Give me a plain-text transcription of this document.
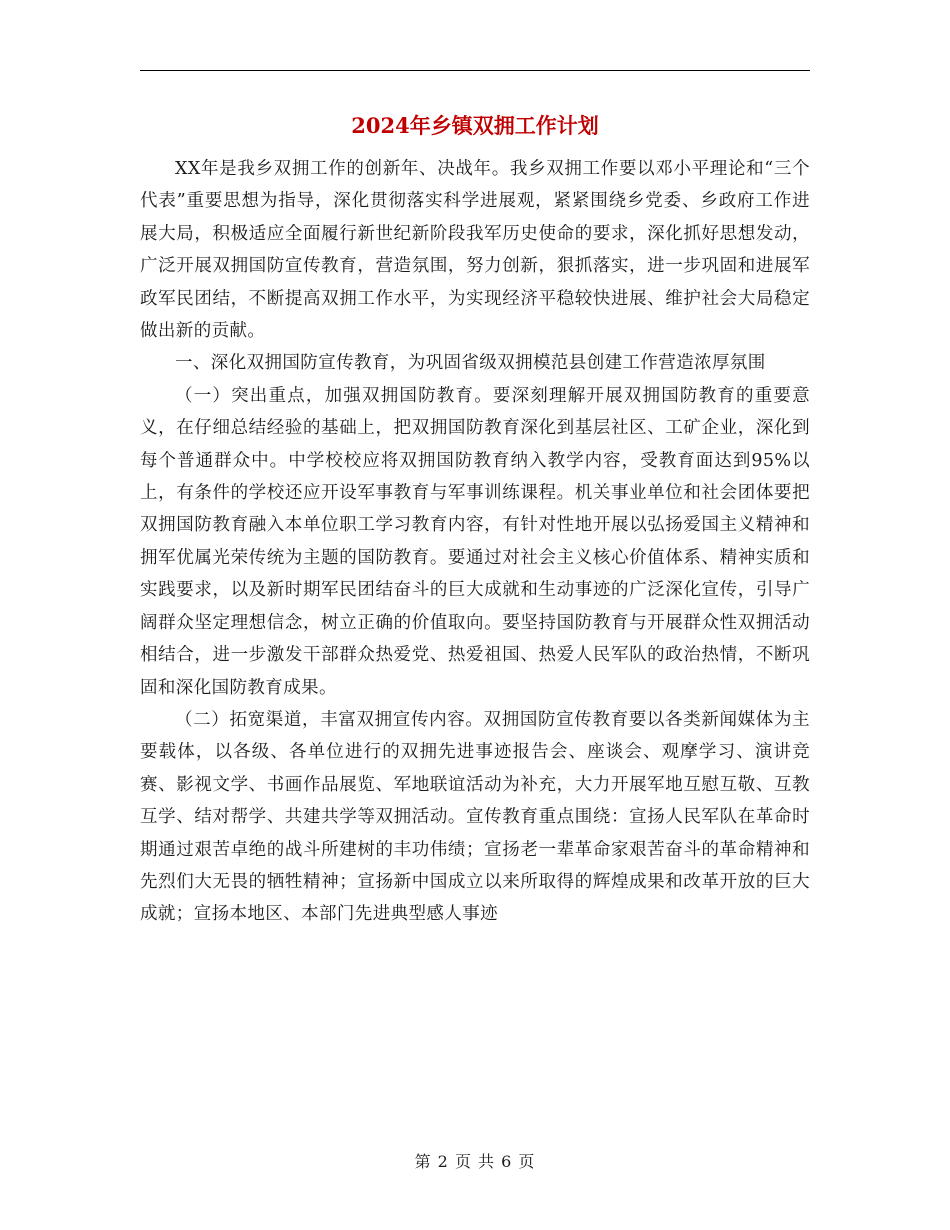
2024年乡镇双拥工作计划

XX年是我乡双拥工作的创新年、决战年。我乡双拥工作要以邓小平理论和“三个代表”重要思想为指导，深化贯彻落实科学进展观，紧紧围绕乡党委、乡政府工作进展大局，积极适应全面履行新世纪新阶段我军历史使命的要求，深化抓好思想发动，广泛开展双拥国防宣传教育，营造氛围，努力创新，狠抓落实，进一步巩固和进展军政军民团结，不断提高双拥工作水平，为实现经济平稳较快进展、维护社会大局稳定做出新的贡献。

一、深化双拥国防宣传教育，为巩固省级双拥模范县创建工作营造浓厚氛围

（一）突出重点，加强双拥国防教育。要深刻理解开展双拥国防教育的重要意义，在仔细总结经验的基础上，把双拥国防教育深化到基层社区、工矿企业，深化到每个普通群众中。中学校校应将双拥国防教育纳入教学内容，受教育面达到95%以上，有条件的学校还应开设军事教育与军事训练课程。机关事业单位和社会团体要把双拥国防教育融入本单位职工学习教育内容，有针对性地开展以弘扬爱国主义精神和拥军优属光荣传统为主题的国防教育。要通过对社会主义核心价值体系、精神实质和实践要求，以及新时期军民团结奋斗的巨大成就和生动事迹的广泛深化宣传，引导广阔群众坚定理想信念，树立正确的价值取向。要坚持国防教育与开展群众性双拥活动相结合，进一步激发干部群众热爱党、热爱祖国、热爱人民军队的政治热情，不断巩固和深化国防教育成果。

（二）拓宽渠道，丰富双拥宣传内容。双拥国防宣传教育要以各类新闻媒体为主要载体，以各级、各单位进行的双拥先进事迹报告会、座谈会、观摩学习、演讲竞赛、影视文学、书画作品展览、军地联谊活动为补充，大力开展军地互慰互敬、互教互学、结对帮学、共建共学等双拥活动。宣传教育重点围绕：宣扬人民军队在革命时期通过艰苦卓绝的战斗所建树的丰功伟绩；宣扬老一辈革命家艰苦奋斗的革命精神和先烈们大无畏的牺牲精神；宣扬新中国成立以来所取得的辉煌成果和改革开放的巨大成就；宣扬本地区、本部门先进典型感人事迹

第 2 页 共 6 页
